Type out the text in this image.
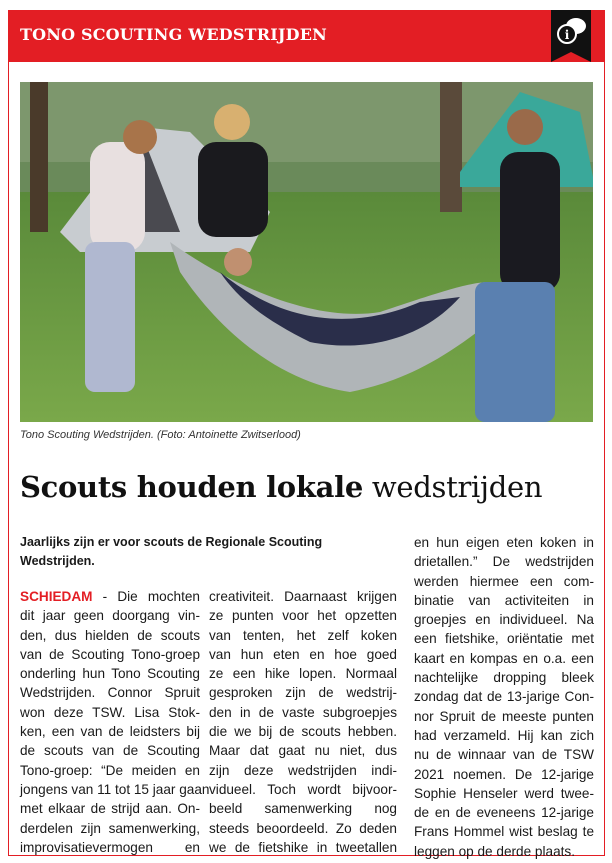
TONO SCOUTING WEDSTRIJDEN	i
Tono Scouting Wedstrijden. (Foto: Antoinette Zwitserlood)
Scouts houden lokale wedstrijden
Jaarlijks zijn er voor scouts de Regionale Scouting Wedstrijden.
SCHIEDAM - Die mochten
dit jaar geen doorgang vin-
den, dus hielden de scouts
van de Scouting Tono-groep
onderling hun Tono Scouting
Wedstrijden. Connor Spruit
won deze TSW. Lisa Stok-
ken, een van de leidsters bij
de scouts van de Scouting
Tono-groep: “De meiden en
jongens van 11 tot 15 jaar gaan
met elkaar de strijd aan. On-
derdelen zijn samenwerking,
improvisatievermogen en
creativiteit. Daarnaast krijgen
ze punten voor het opzetten
van tenten, het zelf koken
van hun eten en hoe goed
ze een hike lopen. Normaal
gesproken zijn de wedstrij-
den in de vaste subgroepjes
die we bij de scouts hebben.
Maar dat gaat nu niet, dus
zijn deze wedstrijden indi-
vidueel. Toch wordt bijvoor-
beeld samenwerking nog
steeds beoordeeld. Zo deden
we de fietshike in tweetallen
en hun eigen eten koken in
drietallen.” De wedstrijden
werden hiermee een com-
binatie van activiteiten in
groepjes en individueel. Na
een fietshike, oriëntatie met
kaart en kompas en o.a. een
nachtelijke dropping bleek
zondag dat de 13-jarige Con-
nor Spruit de meeste punten
had verzameld. Hij kan zich
nu de winnaar van de TSW
2021 noemen. De 12-jarige
Sophie Henseler werd twee-
de en de eveneens 12-jarige
Frans Hommel wist beslag te
leggen op de derde plaats.
